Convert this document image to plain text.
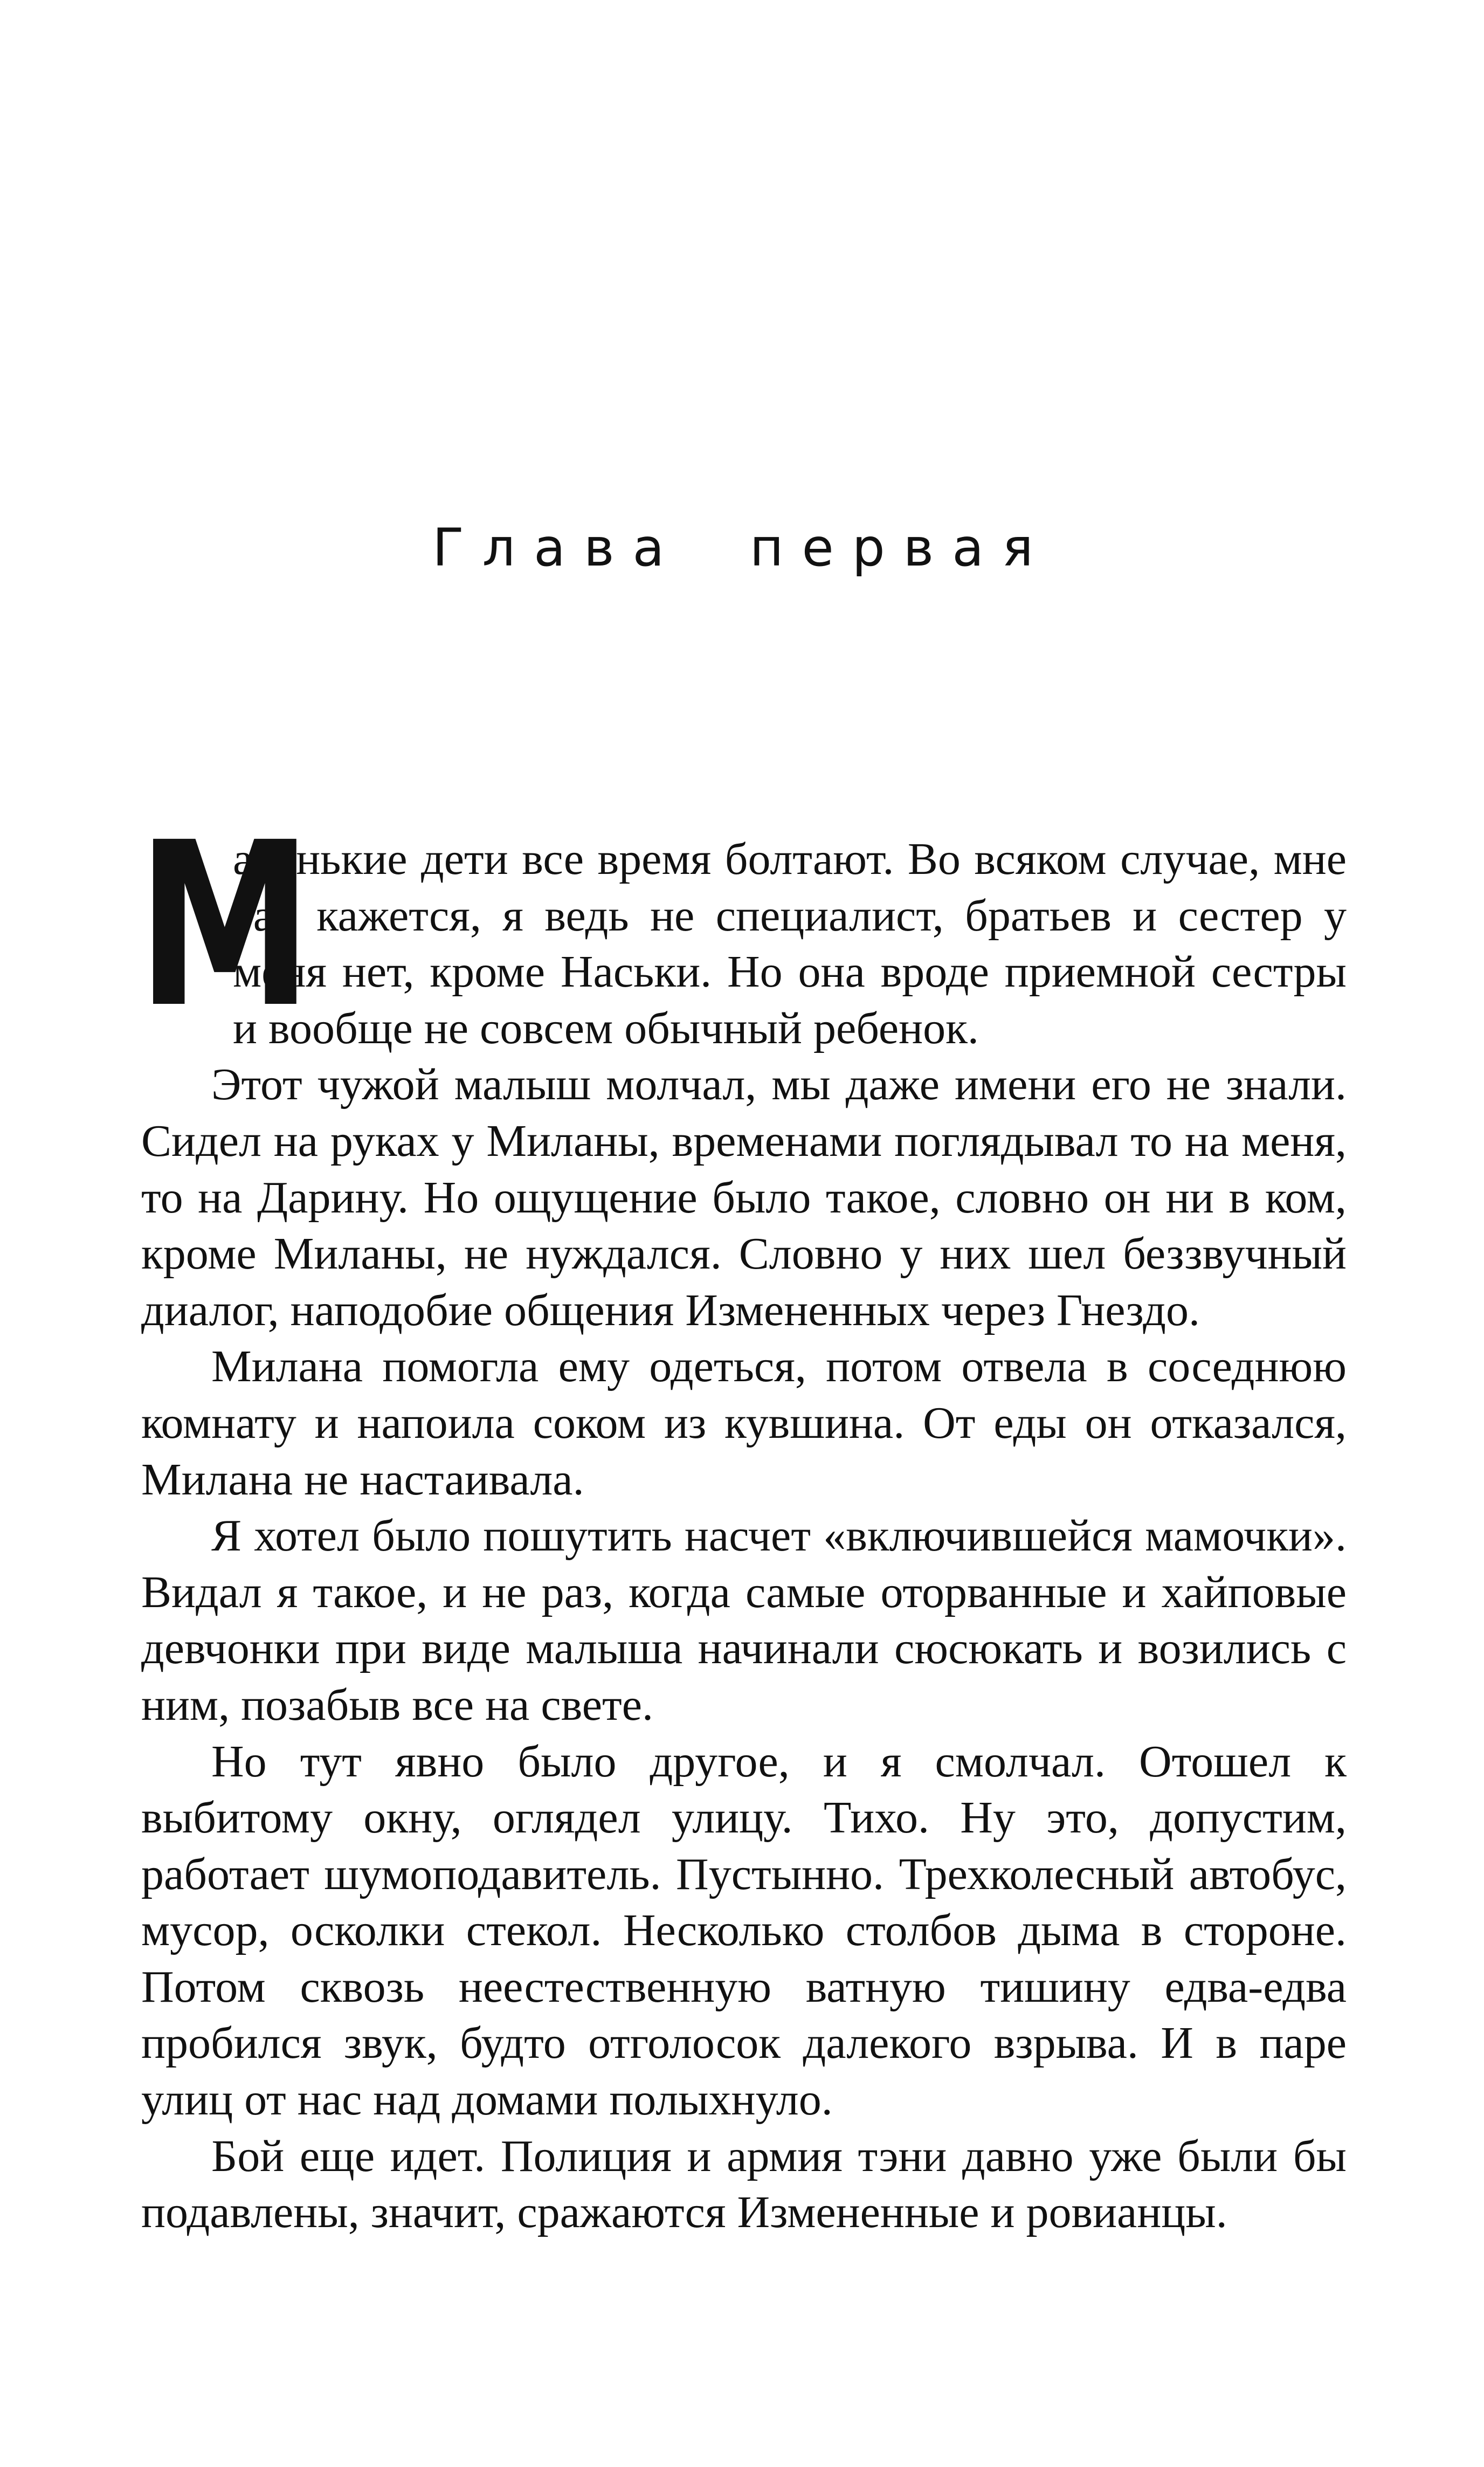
Глава первая

М
аленькие дети все время болтают. Во всяком случае, мне так кажется, я ведь не специалист, братьев и сестер у меня нет, кроме Наськи. Но она вроде приемной сестры и вообще не совсем обычный ребенок.

Этот чужой малыш молчал, мы даже имени его не знали. Сидел на руках у Миланы, временами поглядывал то на меня, то на Дарину. Но ощущение было такое, словно он ни в ком, кроме Миланы, не нуждался. Словно у них шел беззвучный диалог, наподобие общения Измененных через Гнездо.

Милана помогла ему одеться, потом отвела в соседнюю комнату и напоила соком из кувшина. От еды он отказался, Милана не настаивала.

Я хотел было пошутить насчет «включившейся мамочки». Видал я такое, и не раз, когда самые оторванные и хайповые девчонки при виде малыша начинали сюсюкать и возились с ним, позабыв все на свете.

Но тут явно было другое, и я смолчал. Отошел к выбитому окну, оглядел улицу. Тихо. Ну это, допустим, работает шумоподавитель. Пустынно. Трехколесный автобус, мусор, осколки стекол. Несколько столбов дыма в стороне. Потом сквозь неестественную ватную тишину едва-едва пробился звук, будто отголосок далекого взрыва. И в паре улиц от нас над домами полыхнуло.

Бой еще идет. Полиция и армия тэни давно уже были бы подавлены, значит, сражаются Измененные и ровианцы.
